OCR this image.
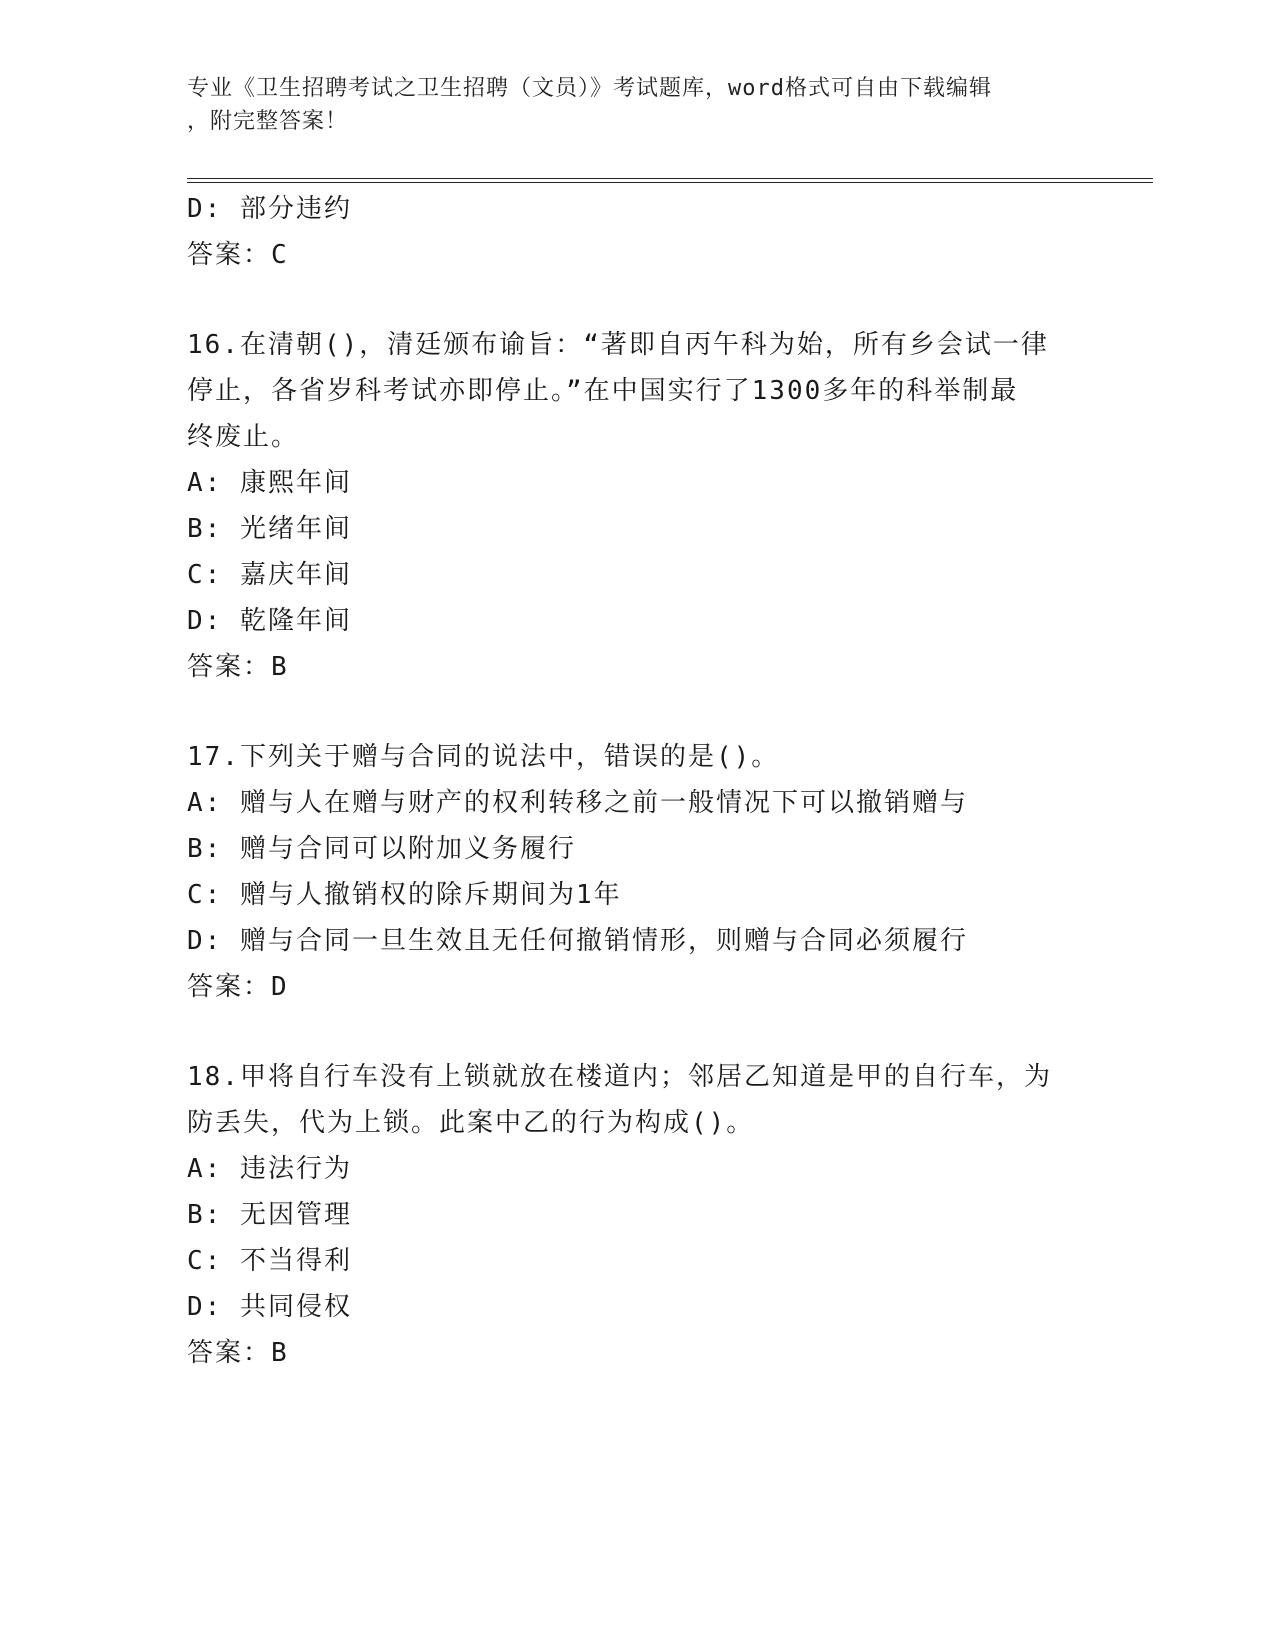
专业《卫生招聘考试之卫生招聘（文员）》考试题库，word格式可自由下载编辑
，附完整答案！
D: 部分违约
答案：C
16.在清朝()，清廷颁布谕旨：“著即自丙午科为始，所有乡会试一律
停止，各省岁科考试亦即停止。”在中国实行了1300多年的科举制最
终废止。
A: 康熙年间
B: 光绪年间
C: 嘉庆年间
D: 乾隆年间
答案：B
17.下列关于赠与合同的说法中，错误的是()。
A: 赠与人在赠与财产的权利转移之前一般情况下可以撤销赠与
B: 赠与合同可以附加义务履行
C: 赠与人撤销权的除斥期间为1年
D: 赠与合同一旦生效且无任何撤销情形，则赠与合同必须履行
答案：D
18.甲将自行车没有上锁就放在楼道内；邻居乙知道是甲的自行车，为
防丢失，代为上锁。此案中乙的行为构成()。
A: 违法行为
B: 无因管理
C: 不当得利
D: 共同侵权
答案：B
